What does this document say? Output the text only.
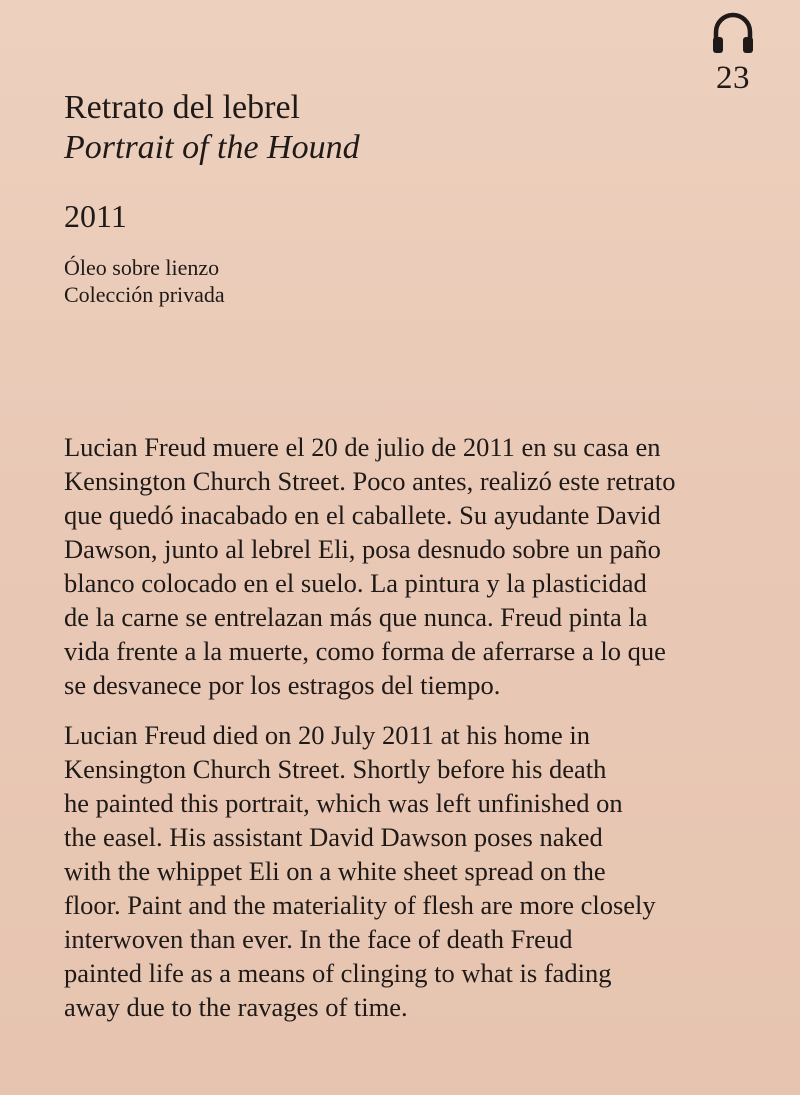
23
Retrato del lebrel
Portrait of the Hound
2011
Óleo sobre lienzo
Colección privada

Lucian Freud muere el 20 de julio de 2011 en su casa en
Kensington Church Street. Poco antes, realizó este retrato
que quedó inacabado en el caballete. Su ayudante David
Dawson, junto al lebrel Eli, posa desnudo sobre un paño
blanco colocado en el suelo. La pintura y la plasticidad
de la carne se entrelazan más que nunca. Freud pinta la
vida frente a la muerte, como forma de aferrarse a lo que
se desvanece por los estragos del tiempo.

Lucian Freud died on 20 July 2011 at his home in
Kensington Church Street. Shortly before his death
he painted this portrait, which was left unfinished on
the easel. His assistant David Dawson poses naked
with the whippet Eli on a white sheet spread on the
floor. Paint and the materiality of flesh are more closely
interwoven than ever. In the face of death Freud
painted life as a means of clinging to what is fading
away due to the ravages of time.
